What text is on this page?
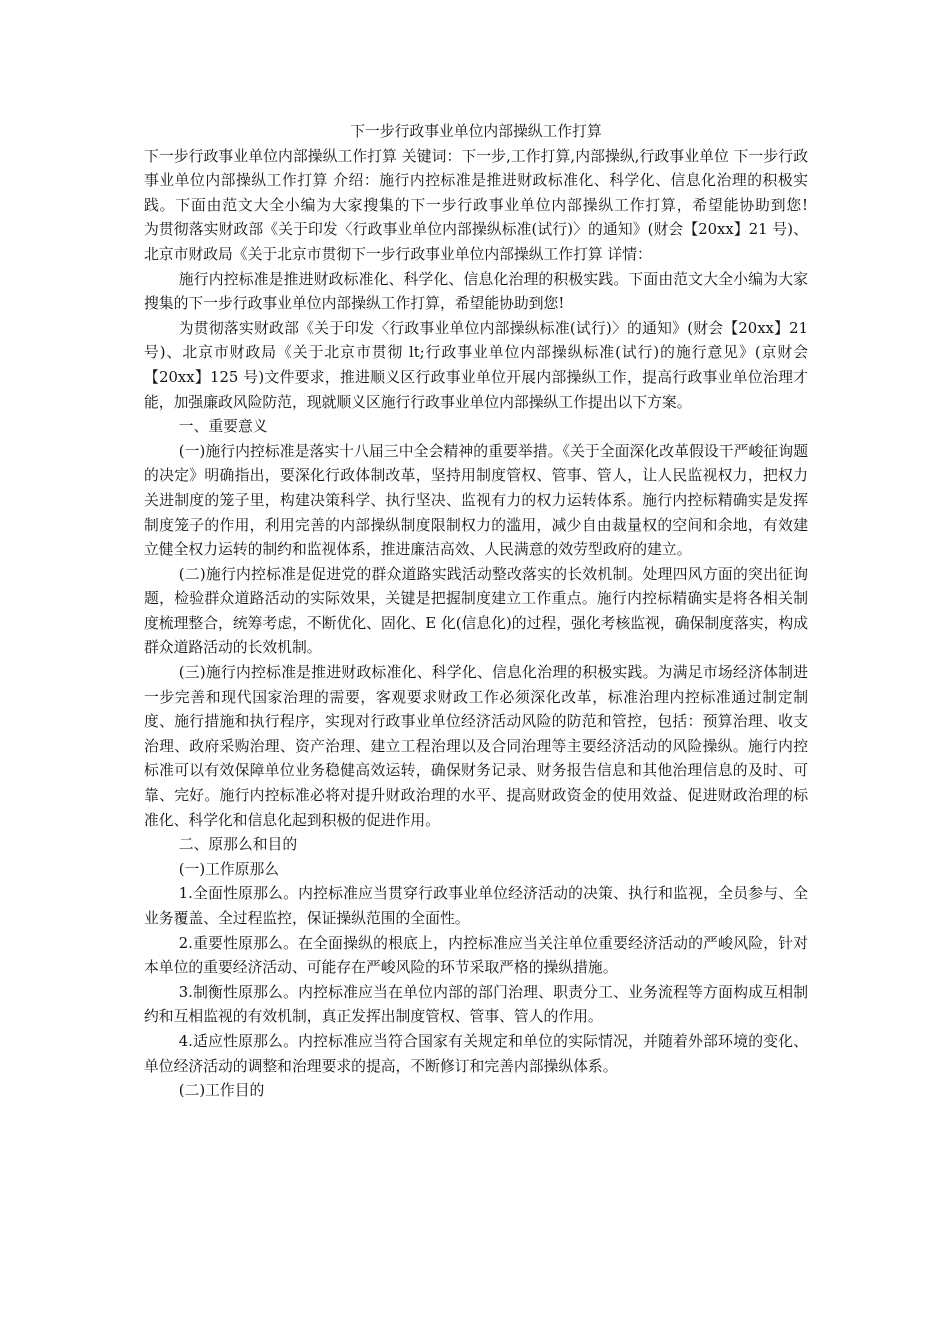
下一步行政事业单位内部操纵工作打算

下一步行政事业单位内部操纵工作打算 关键词：下一步,工作打算,内部操纵,行政事业单位 下一步行政事业单位内部操纵工作打算 介绍：施行内控标准是推进财政标准化、科学化、信息化治理的积极实践。下面由范文大全小编为大家搜集的下一步行政事业单位内部操纵工作打算，希望能协助到您!　　为贯彻落实财政部《关于印发〈行政事业单位内部操纵标准(试行)〉的通知》(财会【20xx】21 号)、北京市财政局《关于北京市贯彻下一步行政事业单位内部操纵工作打算 详情：

施行内控标准是推进财政标准化、科学化、信息化治理的积极实践。下面由范文大全小编为大家搜集的下一步行政事业单位内部操纵工作打算，希望能协助到您!

为贯彻落实财政部《关于印发〈行政事业单位内部操纵标准(试行)〉的通知》(财会【20xx】21 号)、北京市财政局《关于北京市贯彻 lt;行政事业单位内部操纵标准(试行)的施行意见》(京财会【20xx】125 号)文件要求，推进顺义区行政事业单位开展内部操纵工作，提高行政事业单位治理才能，加强廉政风险防范，现就顺义区施行行政事业单位内部操纵工作提出以下方案。

一、重要意义

(一)施行内控标准是落实十八届三中全会精神的重要举措。《关于全面深化改革假设干严峻征询题的决定》明确指出，要深化行政体制改革，坚持用制度管权、管事、管人，让人民监视权力，把权力关进制度的笼子里，构建决策科学、执行坚决、监视有力的权力运转体系。施行内控标精确实是发挥制度笼子的作用，利用完善的内部操纵制度限制权力的滥用，减少自由裁量权的空间和余地，有效建立健全权力运转的制约和监视体系，推进廉洁高效、人民满意的效劳型政府的建立。

(二)施行内控标准是促进党的群众道路实践活动整改落实的长效机制。处理四风方面的突出征询题，检验群众道路活动的实际效果，关键是把握制度建立工作重点。施行内控标精确实是将各相关制度梳理整合，统筹考虑，不断优化、固化、E 化(信息化)的过程，强化考核监视，确保制度落实，构成群众道路活动的长效机制。

(三)施行内控标准是推进财政标准化、科学化、信息化治理的积极实践。为满足市场经济体制进一步完善和现代国家治理的需要，客观要求财政工作必须深化改革，标准治理内控标准通过制定制度、施行措施和执行程序，实现对行政事业单位经济活动风险的防范和管控，包括：预算治理、收支治理、政府采购治理、资产治理、建立工程治理以及合同治理等主要经济活动的风险操纵。施行内控标准可以有效保障单位业务稳健高效运转，确保财务记录、财务报告信息和其他治理信息的及时、可靠、完好。施行内控标准必将对提升财政治理的水平、提高财政资金的使用效益、促进财政治理的标准化、科学化和信息化起到积极的促进作用。

二、原那么和目的

(一)工作原那么

1.全面性原那么。内控标准应当贯穿行政事业单位经济活动的决策、执行和监视，全员参与、全业务覆盖、全过程监控，保证操纵范围的全面性。

2.重要性原那么。在全面操纵的根底上，内控标准应当关注单位重要经济活动的严峻风险，针对本单位的重要经济活动、可能存在严峻风险的环节采取严格的操纵措施。

3.制衡性原那么。内控标准应当在单位内部的部门治理、职责分工、业务流程等方面构成互相制约和互相监视的有效机制，真正发挥出制度管权、管事、管人的作用。

4.适应性原那么。内控标准应当符合国家有关规定和单位的实际情况，并随着外部环境的变化、单位经济活动的调整和治理要求的提高，不断修订和完善内部操纵体系。

(二)工作目的
